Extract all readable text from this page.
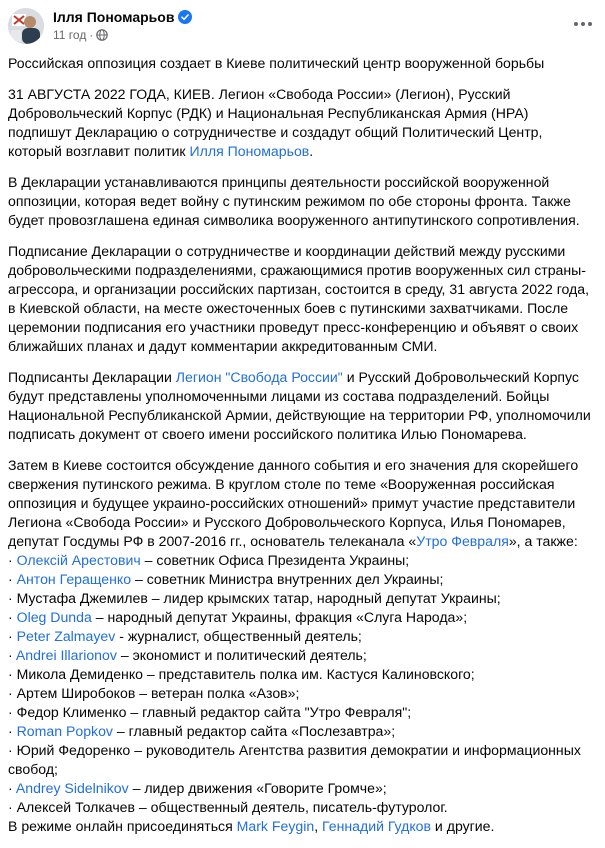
Ілля Пономарьов
11 год ·

Российская оппозиция создает в Киеве политический центр вооруженной борьбы

31 АВГУСТА 2022 ГОДА, КИЕВ. Легион «Свобода России» (Легион), Русский Добровольческий Корпус (РДК) и Национальная Республиканская Армия (НРА) подпишут Декларацию о сотрудничестве и создадут общий Политический Центр, который возглавит политик Илля Пономарьов.

В Декларации устанавливаются принципы деятельности российской вооруженной оппозиции, которая ведет войну с путинским режимом по обе стороны фронта. Также будет провозглашена единая символика вооруженного антипутинского сопротивления.

Подписание Декларации о сотрудничестве и координации действий между русскими добровольческими подразделениями, сражающимися против вооруженных сил страны-агрессора, и организации российских партизан, состоится в среду, 31 августа 2022 года, в Киевской области, на месте ожесточенных боев с путинскими захватчиками. После церемонии подписания его участники проведут пресс-конференцию и объявят о своих ближайших планах и дадут комментарии аккредитованным СМИ.

Подписанты Декларации Легион "Свобода России" и Русский Добровольческий Корпус будут представлены уполномоченными лицами из состава подразделений. Бойцы Национальной Республиканской Армии, действующие на территории РФ, уполномочили подписать документ от своего имени российского политика Илью Пономарева.

Затем в Киеве состоится обсуждение данного события и его значения для скорейшего свержения путинского режима. В круглом столе по теме «Вооруженная российская оппозиция и будущее украино-российских отношений» примут участие представители Легиона «Свобода России» и Русского Добровольческого Корпуса, Илья Пономарев, депутат Госдумы РФ в 2007-2016 гг., основатель телеканала «Утро Февраля», а также:

· Олексій Арестович – советник Офиса Президента Украины;
· Антон Геращенко – советник Министра внутренних дел Украины;
· Мустафа Джемилев – лидер крымских татар, народный депутат Украины;
· Oleg Dunda – народный депутат Украины, фракция «Слуга Народа»;
· Peter Zalmayev - журналист, общественный деятель;
· Andrei Illarionov – экономист и политический деятель;
· Микола Демиденко – представитель полка им. Кастуся Калиновского;
· Артем Широбоков – ветеран полка «Азов»;
· Федор Клименко – главный редактор сайта "Утро Февраля";
· Roman Popkov – главный редактор сайта «Послезавтра»;
· Юрий Федоренко – руководитель Агентства развития демократии и информационных свобод;
· Andrey Sidelnikov – лидер движения «Говорите Громче»;
· Алексей Толкачев – общественный деятель, писатель-футуролог.

В режиме онлайн присоединяться Mark Feygin, Геннадий Гудков и другие.
